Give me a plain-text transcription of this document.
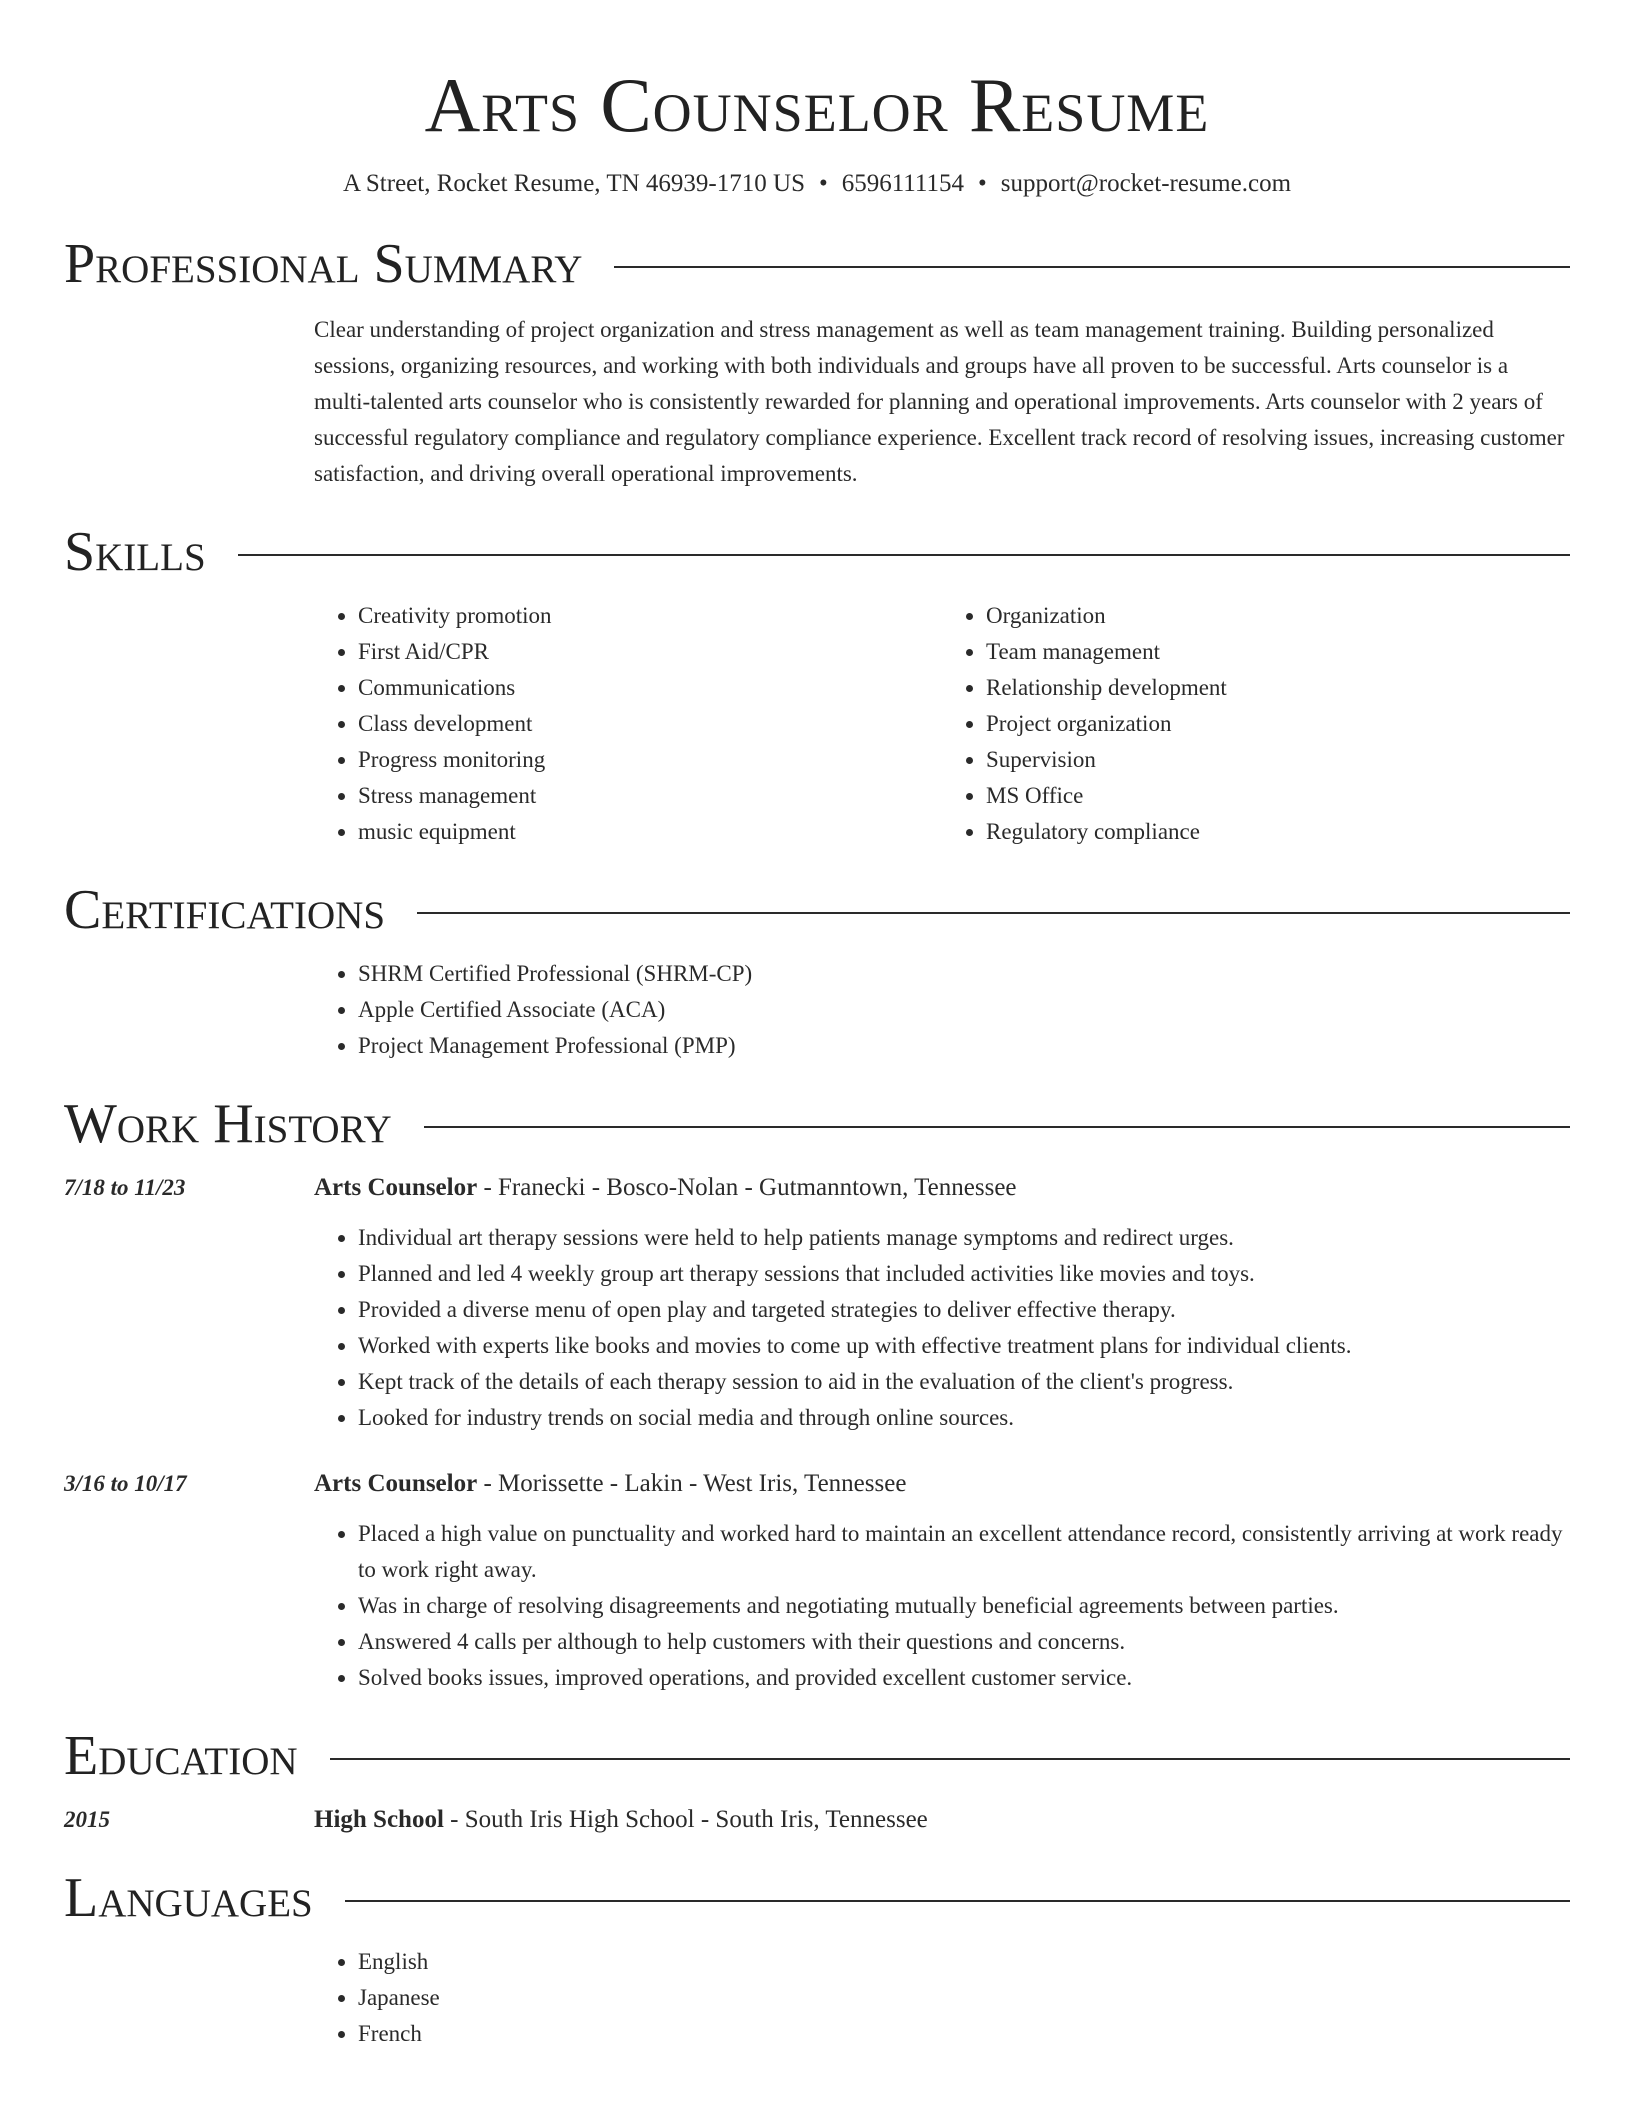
Arts Counselor Resume
A Street, Rocket Resume, TN 46939-1710 US • 6596111154 • support@rocket-resume.com
Professional Summary
Clear understanding of project organization and stress management as well as team management training. Building personalized sessions, organizing resources, and working with both individuals and groups have all proven to be successful. Arts counselor is a multi-talented arts counselor who is consistently rewarded for planning and operational improvements. Arts counselor with 2 years of successful regulatory compliance and regulatory compliance experience. Excellent track record of resolving issues, increasing customer satisfaction, and driving overall operational improvements.
Skills
• Creativity promotion
• First Aid/CPR
• Communications
• Class development
• Progress monitoring
• Stress management
• music equipment
• Organization
• Team management
• Relationship development
• Project organization
• Supervision
• MS Office
• Regulatory compliance
Certifications
• SHRM Certified Professional (SHRM-CP)
• Apple Certified Associate (ACA)
• Project Management Professional (PMP)
Work History
7/18 to 11/23	Arts Counselor - Franecki - Bosco-Nolan - Gutmanntown, Tennessee
• Individual art therapy sessions were held to help patients manage symptoms and redirect urges.
• Planned and led 4 weekly group art therapy sessions that included activities like movies and toys.
• Provided a diverse menu of open play and targeted strategies to deliver effective therapy.
• Worked with experts like books and movies to come up with effective treatment plans for individual clients.
• Kept track of the details of each therapy session to aid in the evaluation of the client's progress.
• Looked for industry trends on social media and through online sources.
3/16 to 10/17	Arts Counselor - Morissette - Lakin - West Iris, Tennessee
• Placed a high value on punctuality and worked hard to maintain an excellent attendance record, consistently arriving at work ready to work right away.
• Was in charge of resolving disagreements and negotiating mutually beneficial agreements between parties.
• Answered 4 calls per although to help customers with their questions and concerns.
• Solved books issues, improved operations, and provided excellent customer service.
Education
2015	High School - South Iris High School - South Iris, Tennessee
Languages
• English
• Japanese
• French
